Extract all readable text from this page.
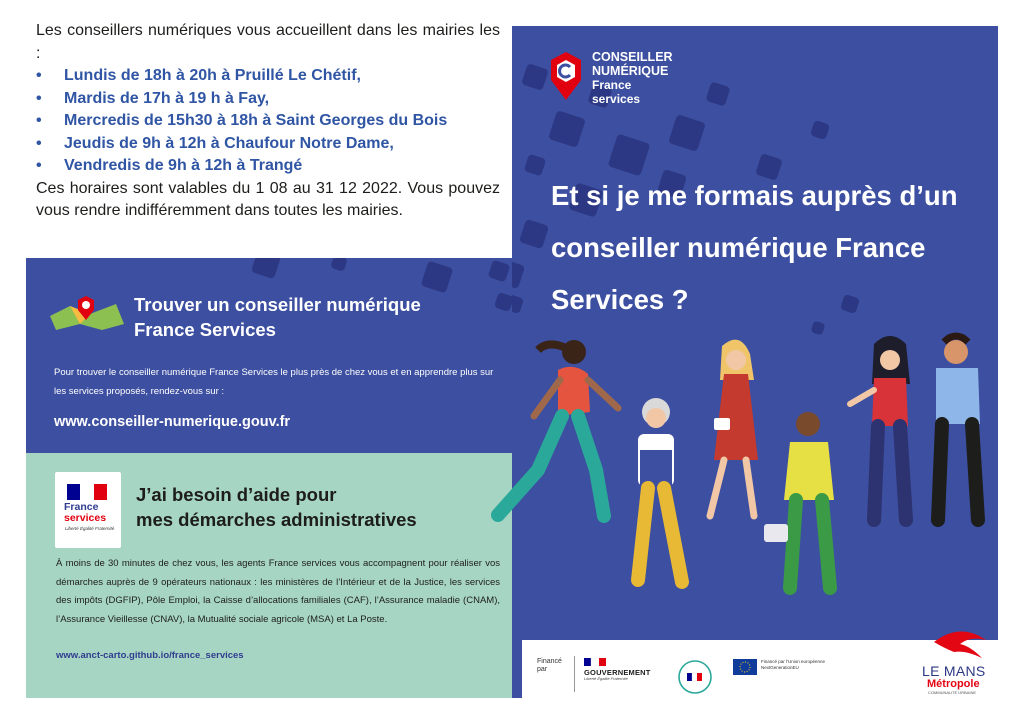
Les conseillers numériques vous accueillent dans les mairies les :

• Lundis de 18h à 20h à Pruillé Le Chétif,
• Mardis de 17h à 19 h à Fay,
• Mercredis de 15h30 à 18h à Saint Georges du Bois
• Jeudis de 9h à 12h à Chaufour Notre Dame,
• Vendredis de 9h à 12h à Trangé

Ces horaires sont valables du 1 08 au 31 12 2022. Vous pouvez vous rendre indifféremment dans toutes les mairies.

CONSEILLER
NUMÉRIQUE
France
services
Et si je me formais auprès d’un conseiller numérique France Services ?
Trouver un conseiller numérique
France Services
Pour trouver le conseiller numérique France Services le plus près de chez vous et en apprendre plus sur les services proposés, rendez-vous sur :
www.conseiller-numerique.gouv.fr
France
services
Liberté Égalité Fraternité
J’ai besoin d’aide pour
mes démarches administratives
À moins de 30 minutes de chez vous, les agents France services vous accompagnent pour réaliser vos démarches auprès de 9 opérateurs nationaux : les ministères de l’Intérieur et de la Justice, les services des impôts (DGFIP), Pôle Emploi, la Caisse d’allocations familiales (CAF), l’Assurance maladie (CNAM), l’Assurance Vieillesse (CNAV), la Mutualité sociale agricole (MSA) et La Poste.
www.anct-carto.github.io/france_services
Financé par	GOUVERNEMENT
Liberté Égalité Fraternité
Financé par l’Union européenne NextGenerationEU	LE MANS
Métropole
COMMUNAUTÉ URBAINE
